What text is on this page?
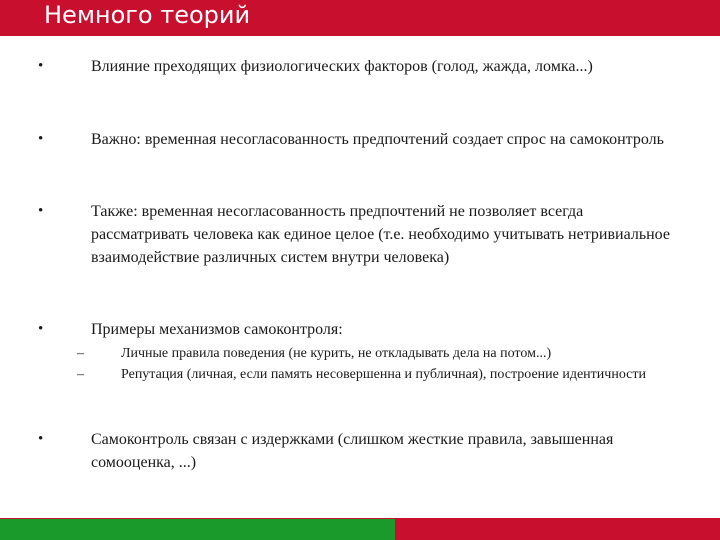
Немного теорий
•	Влияние преходящих физиологических факторов (голод, жажда, ломка...)
•	Важно: временная несогласованность предпочтений создает спрос на самоконтроль
•	Также: временная несогласованность предпочтений не позволяет всегда рассматривать человека как единое целое (т.е. необходимо учитывать нетривиальное взаимодействие различных систем внутри человека)
•	Примеры механизмов самоконтроля:
–	Личные правила поведения (не курить, не откладывать дела на потом...)
–	Репутация (личная, если память несовершенна и публичная), построение идентичности
•	Самоконтроль связан с издержками (слишком жесткие правила, завышенная сомооценка, ...)
